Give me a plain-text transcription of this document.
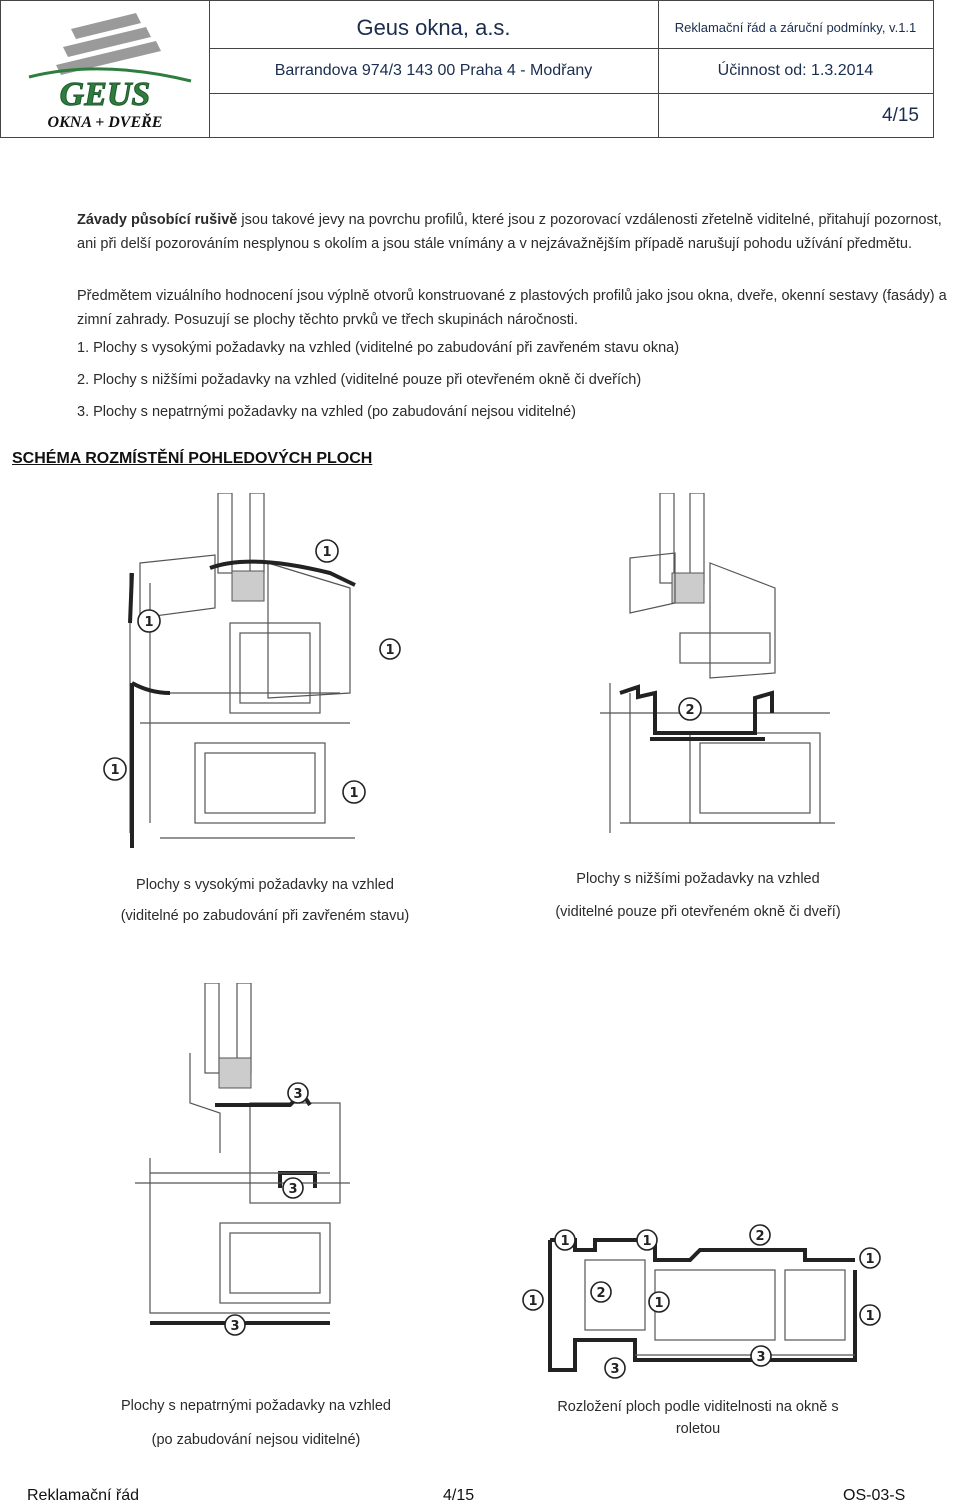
GEUS
OKNA + DVEŘE
Geus okna, a.s.
Barrandova 974/3 143 00 Praha 4 - Modřany
Reklamační řád a záruční podmínky, v.1.1
Účinnost od: 1.3.2014
4/15
Závady působící rušivě jsou takové jevy na povrchu profilů, které jsou z pozorovací vzdálenosti zřetelně viditelné, přitahují pozornost, ani při delší pozorováním nesplynou s okolím a jsou stále vnímány a v nejzávažnějším případě narušují pohodu užívání předmětu.
Předmětem vizuálního hodnocení jsou výplně otvorů konstruované z plastových profilů jako jsou okna, dveře, okenní sestavy (fasády) a zimní zahrady. Posuzují se plochy těchto prvků ve třech skupinách náročnosti.
1. Plochy s vysokými požadavky na vzhled (viditelné po zabudování při zavřeném stavu okna)
2. Plochy s nižšími požadavky na vzhled (viditelné pouze při otevřeném okně či dveřích)
3. Plochy s nepatrnými požadavky na vzhled (po zabudování nejsou viditelné)
SCHÉMA ROZMÍSTĚNÍ POHLEDOVÝCH PLOCH
1
1
1
1
1
2
Plochy s vysokými požadavky na vzhled
(viditelné po zabudování při zavřeném stavu)
Plochy s nižšími požadavky na vzhled
(viditelné pouze při otevřeném okně či dveří)
3
3
3
1	1	2
1
1
2
1
1
3
3
Plochy s nepatrnými požadavky na vzhled
(po zabudování nejsou viditelné)
Rozložení ploch podle viditelnosti na okně s
roletou
Reklamační řád	4/15	OS-03-S
